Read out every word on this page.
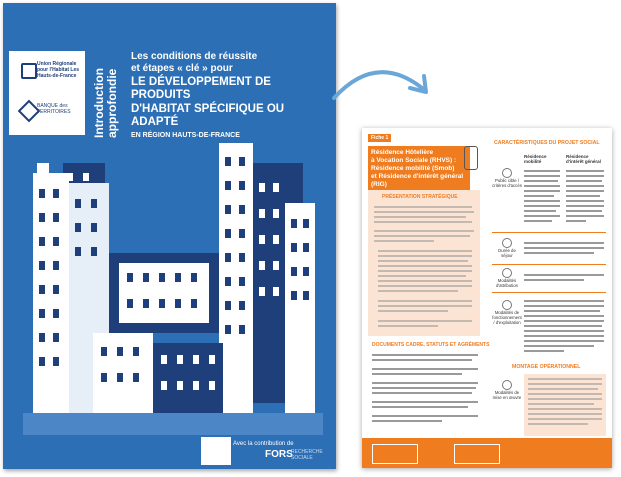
Union Régionale pour l'Habitat Les Hauts-de-France
BANQUE des TERRITOIRES	Introduction approfondie
Les conditions de réussite
et étapes « clé » pour
LE DÉVELOPPEMENT DE PRODUITS
D'HABITAT SPÉCIFIQUE OU ADAPTÉ
EN RÉGION HAUTS-DE-FRANCE
Avec la contribution de
FORS
RECHERCHE SOCIALE
Fiche 1
Résidence Hôtelière
à Vocation Sociale (RHVS) :
Résidence mobilité (Smob)
et Résidence d'intérêt général (RIG)
PRÉSENTATION STRATÉGIQUE
DOCUMENTS CADRE, STATUTS ET AGRÉMENTS
CARACTÉRISTIQUES DU PROJET SOCIAL
Résidence mobilité
Résidence d'intérêt général
Public cible / critères d'accès
Durée de séjour
Modalités d'attribution
Modalités de fonctionnement / d'exploitation
MONTAGE OPÉRATIONNEL
Modalités de mise en œuvre
